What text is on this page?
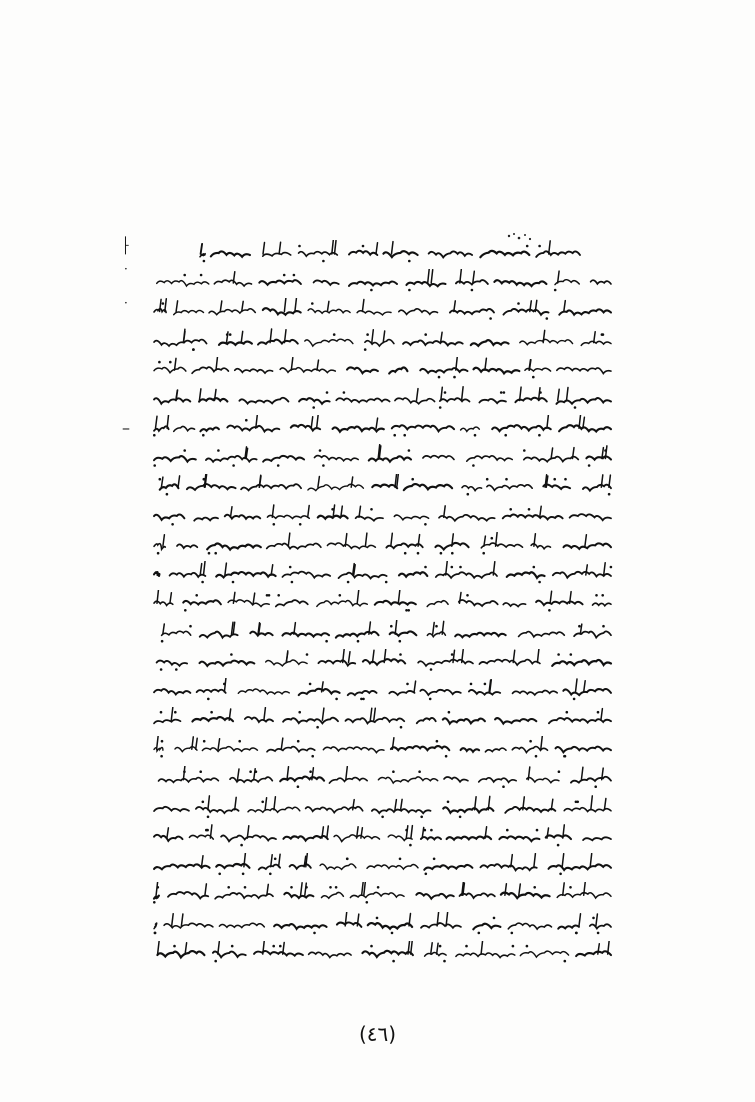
⸠
·
·
–
(٤٦)
